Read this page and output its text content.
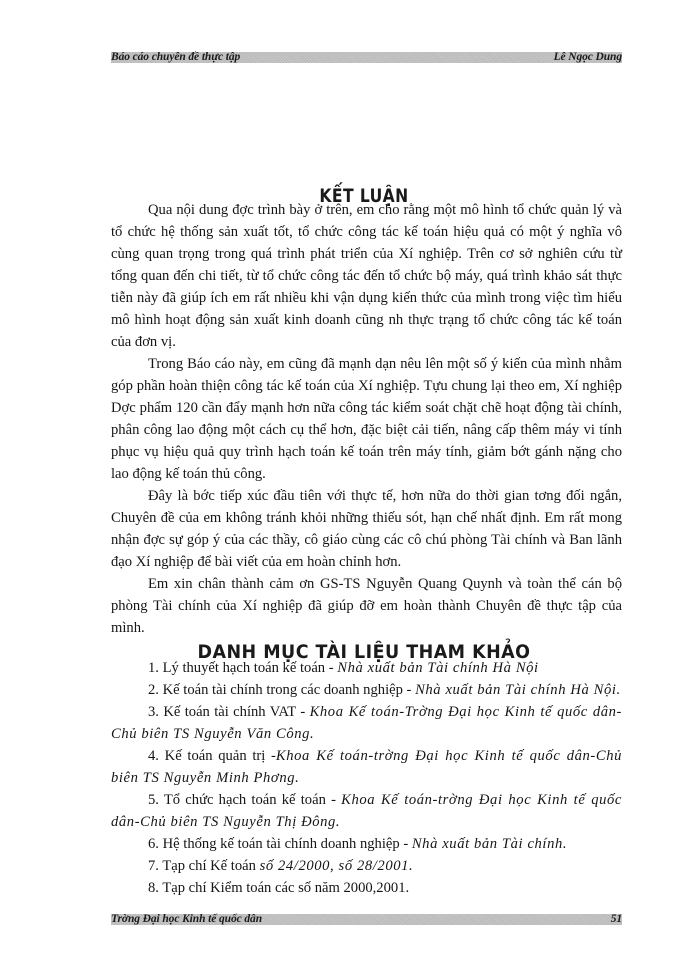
Báo cáo chuyên đề thực tập	Lê Ngọc Dung
KẾT LUẬN

Qua nội dung đợc trình bày ở trên, em cho rằng một mô hình tổ chức quản lý và tổ chức hệ thống sản xuất tốt, tổ chức công tác kế toán hiệu quả có một ý nghĩa vô cùng quan trọng trong quá trình phát triển của Xí nghiệp. Trên cơ sở nghiên cứu từ tổng quan đến chi tiết, từ tổ chức công tác đến tổ chức bộ máy, quá trình khảo sát thực tiễn này đã giúp ích em rất nhiều khi vận dụng kiến thức của mình trong việc tìm hiểu mô hình hoạt động sản xuất kinh doanh cũng nh thực trạng tổ chức công tác kế toán của đơn vị.

Trong Báo cáo này, em cũng đã mạnh dạn nêu lên một số ý kiến của mình nhằm góp phần hoàn thiện công tác kế toán của Xí nghiệp. Tựu chung lại theo em, Xí nghiệp Dợc phẩm 120 cần đẩy mạnh hơn nữa công tác kiểm soát chặt chẽ hoạt động tài chính, phân công lao động một cách cụ thể hơn, đặc biệt cải tiến, nâng cấp thêm máy vi tính phục vụ hiệu quả quy trình hạch toán kế toán trên máy tính, giảm bớt gánh nặng cho lao động kế toán thủ công.

Đây là bớc tiếp xúc đầu tiên với thực tế, hơn nữa do thời gian tơng đối ngắn, Chuyên đề của em không tránh khỏi những thiếu sót, hạn chế nhất định. Em rất mong nhận đợc sự góp ý của các thầy, cô giáo cùng các cô chú phòng Tài chính và Ban lãnh đạo Xí nghiệp để bài viết của em hoàn chỉnh hơn.

Em xin chân thành cảm ơn GS-TS Nguyễn Quang Quynh và toàn thể cán bộ phòng Tài chính của Xí nghiệp đã giúp đỡ em hoàn thành Chuyên đề thực tập của mình.

DANH MỤC TÀI LIỆU THAM KHẢO

1. Lý thuyết hạch toán kế toán - Nhà xuất bản Tài chính Hà Nội

2. Kế toán tài chính trong các doanh nghiệp - Nhà xuất bản Tài chính Hà Nội.

3. Kế toán tài chính VAT - Khoa Kế toán-Trờng Đại học Kinh tế quốc dân-Chủ biên TS Nguyễn Văn Công.

4. Kế toán quản trị -Khoa Kế toán-trờng Đại học Kinh tế quốc dân-Chủ biên TS Nguyễn Minh Phơng.

5. Tổ chức hạch toán kế toán - Khoa Kế toán-trờng Đại học Kinh tế quốc dân-Chủ biên TS Nguyễn Thị Đông.

6. Hệ thống kế toán tài chính doanh nghiệp - Nhà xuất bản Tài chính.

7. Tạp chí Kế toán số 24/2000, số 28/2001.

8. Tạp chí Kiểm toán các số năm 2000,2001.

Trờng Đại học Kinh tế quốc dân	51
